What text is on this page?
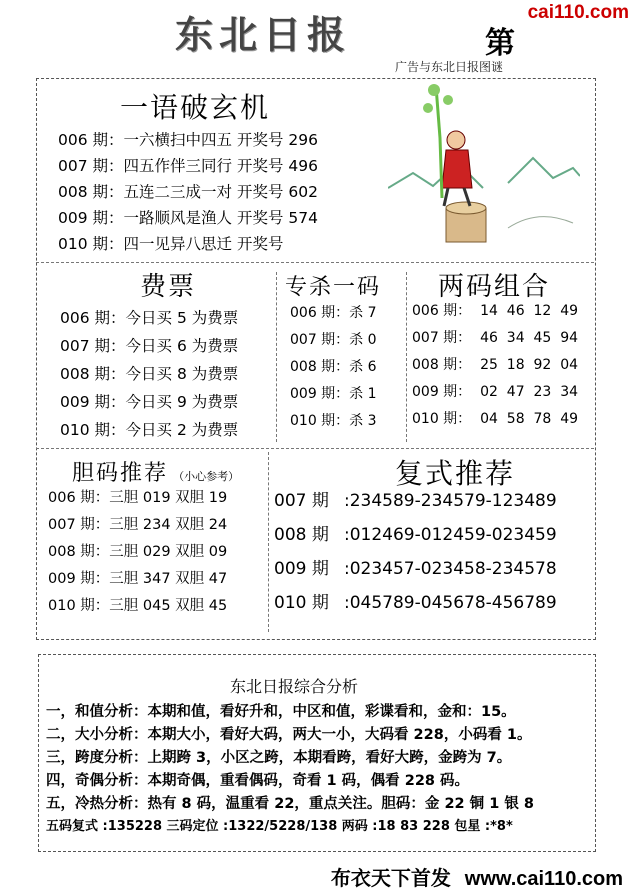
东北日报	第
cai110.com
广告与东北日报图谜
一语破玄机
006 期：一六横扫中四五 开奖号 296
007 期：四五作伴三同行 开奖号 496
008 期：五连二三成一对 开奖号 602
009 期：一路顺风是渔人 开奖号 574
010 期：四一见异八思迁 开奖号
费票
006 期：今日买 5 为费票
007 期：今日买 6 为费票
008 期：今日买 8 为费票
009 期：今日买 9 为费票
010 期：今日买 2 为费票
专杀一码
006 期：杀 7
007 期：杀 0
008 期：杀 6
009 期：杀 1
010 期：杀 3
两码组合
006 期： 14  46  12  49
007 期： 46  34  45  94
008 期： 25  18  92  04
009 期： 02  47  23  34
010 期： 04  58  78  49
胆码推荐 （小心参考）
006 期：三胆 019 双胆 19
007 期：三胆 234 双胆 24
008 期：三胆 029 双胆 09
009 期：三胆 347 双胆 47
010 期：三胆 045 双胆 45
复式推荐
007 期 :234589-234579-123489
008 期 :012469-012459-023459
009 期 :023457-023458-234578
010 期 :045789-045678-456789
东北日报综合分析
一，和值分析：本期和值，看好升和，中区和值，彩谍看和，金和：15。
二，大小分析：本期大小，看好大码，两大一小，大码看 228，小码看 1。
三，跨度分析：上期跨 3，小区之跨，本期看跨，看好大跨，金跨为 7。
四，奇偶分析：本期奇偶，重看偶码，奇看 1 码，偶看 228 码。
五，冷热分析：热有 8 码，温重看 22，重点关注。胆码：金 22 铜 1 银 8
五码复式 :135228 三码定位 :1322/5228/138 两码 :18 83 228 包星 :*8*
布衣天下首发 www.cai110.com
